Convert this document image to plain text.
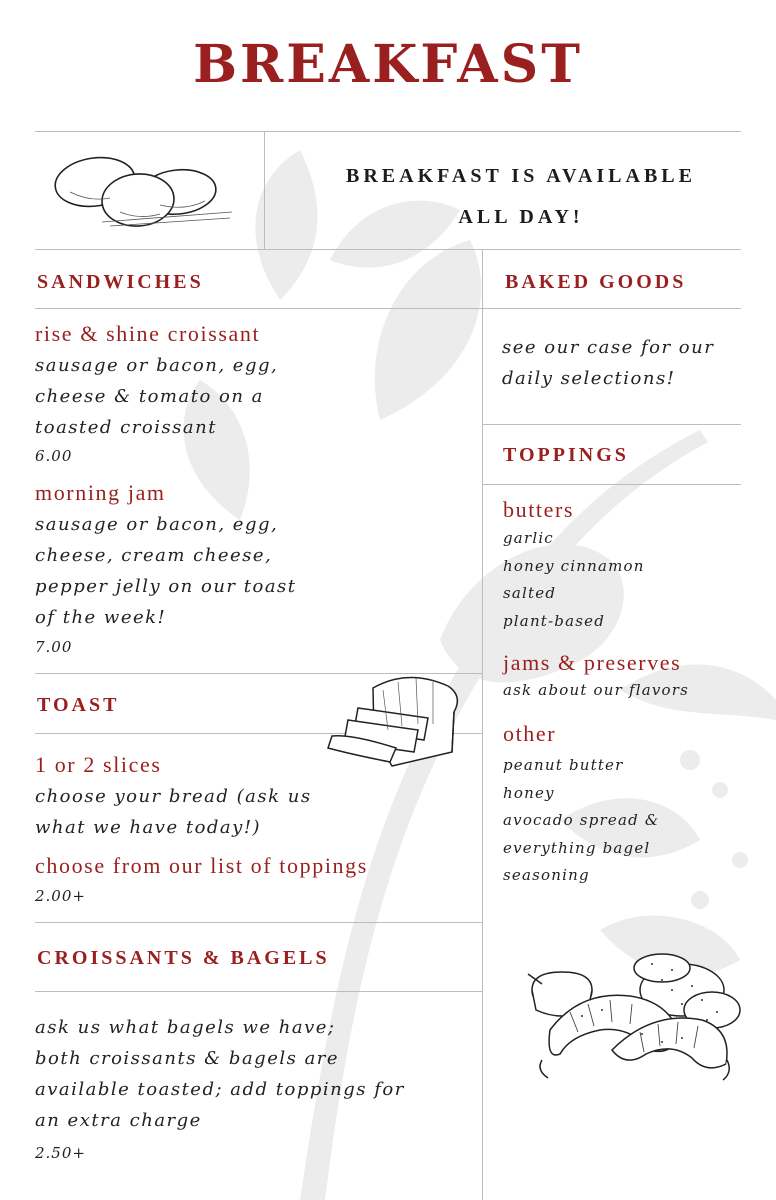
BREAKFAST
BREAKFAST IS AVAILABLE
ALL DAY!
SANDWICHES
rise & shine croissant
sausage or bacon, egg,
cheese & tomato on a
toasted croissant
6.00
morning jam
sausage or bacon, egg,
cheese, cream cheese,
pepper jelly on our toast
of the week!
7.00
TOAST
1 or 2 slices
choose your bread (ask us
what we have today!)
choose from our list of toppings
2.00+
CROISSANTS & BAGELS
ask us what bagels we have;
both croissants & bagels are
available toasted; add toppings for
an extra charge
2.50+
BAKED GOODS
see our case for our
daily selections!
TOPPINGS
butters
garlic
honey cinnamon
salted
plant-based
jams & preserves
ask about our flavors
other
peanut butter
honey
avocado spread &
everything bagel
seasoning
